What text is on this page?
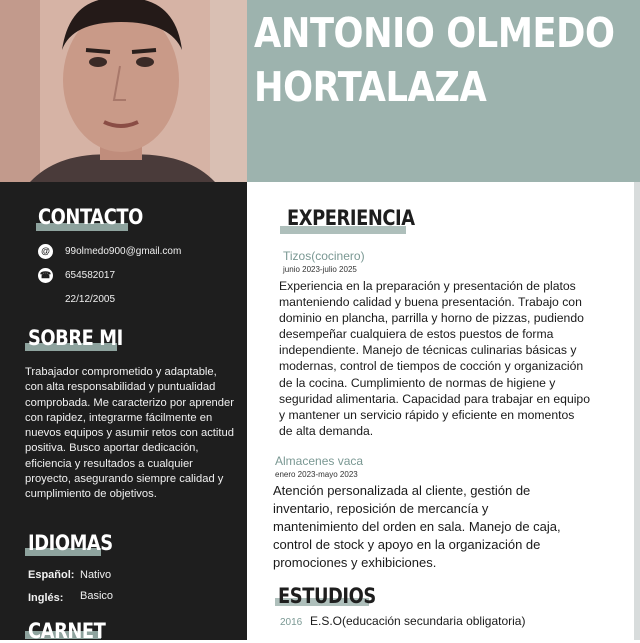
ANTONIO OLMEDO
HORTALAZA
CONTACTO
@	99olmedo900@gmail.com
☎ 654582017
22/12/2005
SOBRE MI

Trabajador comprometido y adaptable, con alta responsabilidad y puntualidad comprobada. Me caracterizo por aprender con rapidez, integrarme fácilmente en nuevos equipos y asumir retos con actitud positiva. Busco aportar dedicación, eficiencia y resultados a cualquier proyecto, asegurando siempre calidad y cumplimiento de objetivos.

IDIOMAS
Español: Nativo
Inglés: Basico
CARNET
EXPERIENCIA
Tizos(cocinero)
junio 2023-julio 2025

Experiencia en la preparación y presentación de platos manteniendo calidad y buena presentación. Trabajo con dominio en plancha, parrilla y horno de pizzas, pudiendo desempeñar cualquiera de estos puestos de forma independiente. Manejo de técnicas culinarias básicas y modernas, control de tiempos de cocción y organización de la cocina. Cumplimiento de normas de higiene y seguridad alimentaria. Capacidad para trabajar en equipo y mantener un servicio rápido y eficiente en momentos de alta demanda.

Almacenes vaca
enero 2023-mayo 2023

Atención personalizada al cliente, gestión de inventario, reposición de mercancía y mantenimiento del orden en sala. Manejo de caja, control de stock y apoyo en la organización de promociones y exhibiciones.

ESTUDIOS
2016 E.S.O(educación secundaria obligatoria)
